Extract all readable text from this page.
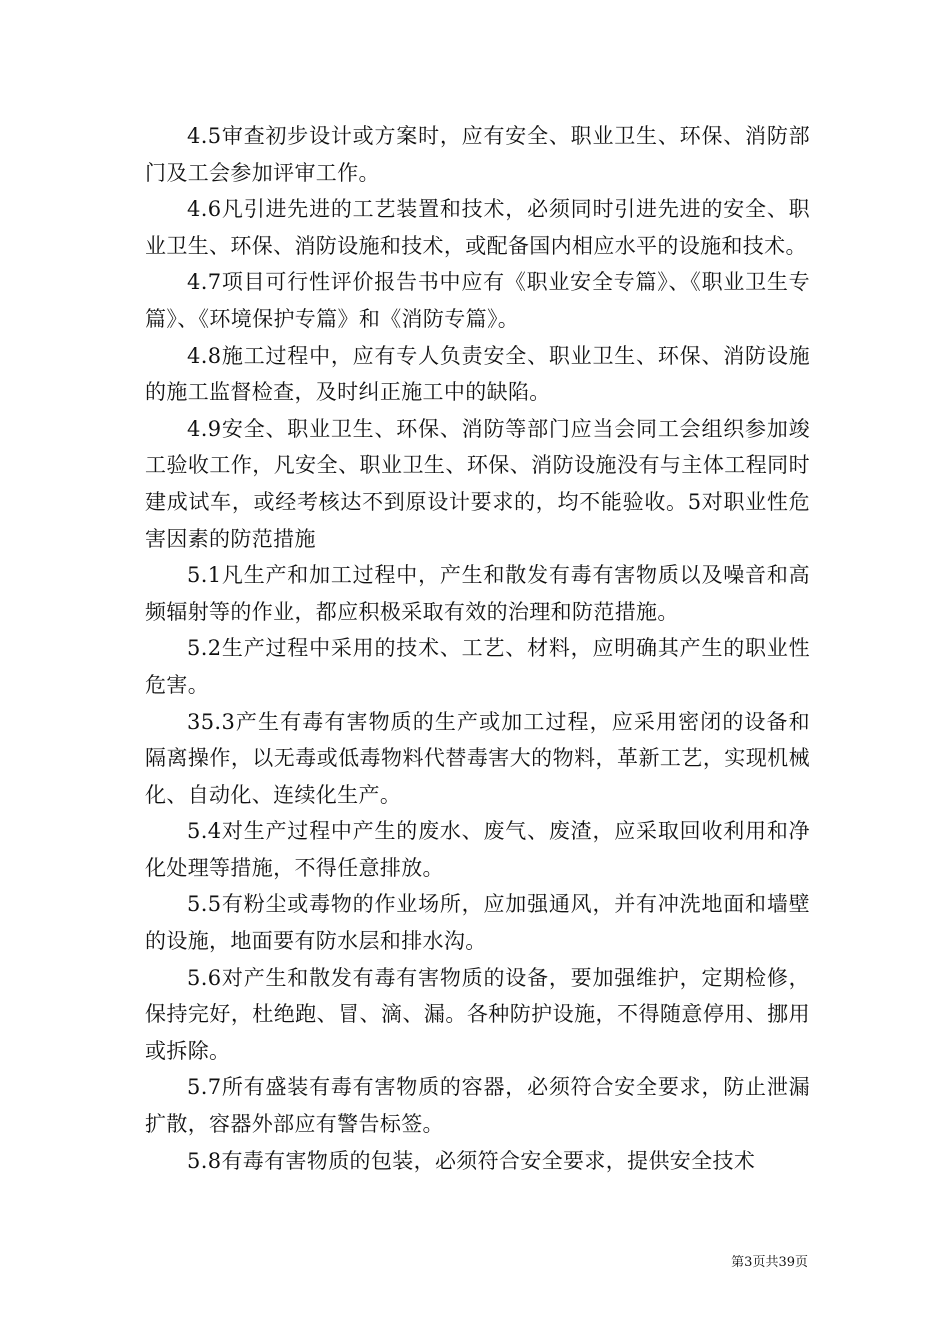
4.5审查初步设计或方案时，应有安全、职业卫生、环保、消防部门及工会参加评审工作。

4.6凡引进先进的工艺装置和技术，必须同时引进先进的安全、职业卫生、环保、消防设施和技术，或配备国内相应水平的设施和技术。

4.7项目可行性评价报告书中应有《职业安全专篇》、《职业卫生专篇》、《环境保护专篇》和《消防专篇》。

4.8施工过程中，应有专人负责安全、职业卫生、环保、消防设施的施工监督检查，及时纠正施工中的缺陷。

4.9安全、职业卫生、环保、消防等部门应当会同工会组织参加竣工验收工作，凡安全、职业卫生、环保、消防设施没有与主体工程同时建成试车，或经考核达不到原设计要求的，均不能验收。5对职业性危害因素的防范措施

5.1凡生产和加工过程中，产生和散发有毒有害物质以及噪音和高频辐射等的作业，都应积极采取有效的治理和防范措施。

5.2生产过程中采用的技术、工艺、材料，应明确其产生的职业性危害。

35.3产生有毒有害物质的生产或加工过程，应采用密闭的设备和隔离操作，以无毒或低毒物料代替毒害大的物料，革新工艺，实现机械化、自动化、连续化生产。

5.4对生产过程中产生的废水、废气、废渣，应采取回收利用和净化处理等措施，不得任意排放。

5.5有粉尘或毒物的作业场所，应加强通风，并有冲洗地面和墙壁的设施，地面要有防水层和排水沟。

5.6对产生和散发有毒有害物质的设备，要加强维护，定期检修，保持完好，杜绝跑、冒、滴、漏。各种防护设施，不得随意停用、挪用或拆除。

5.7所有盛装有毒有害物质的容器，必须符合安全要求，防止泄漏扩散，容器外部应有警告标签。

5.8有毒有害物质的包装，必须符合安全要求，提供安全技术

第3页共39页
